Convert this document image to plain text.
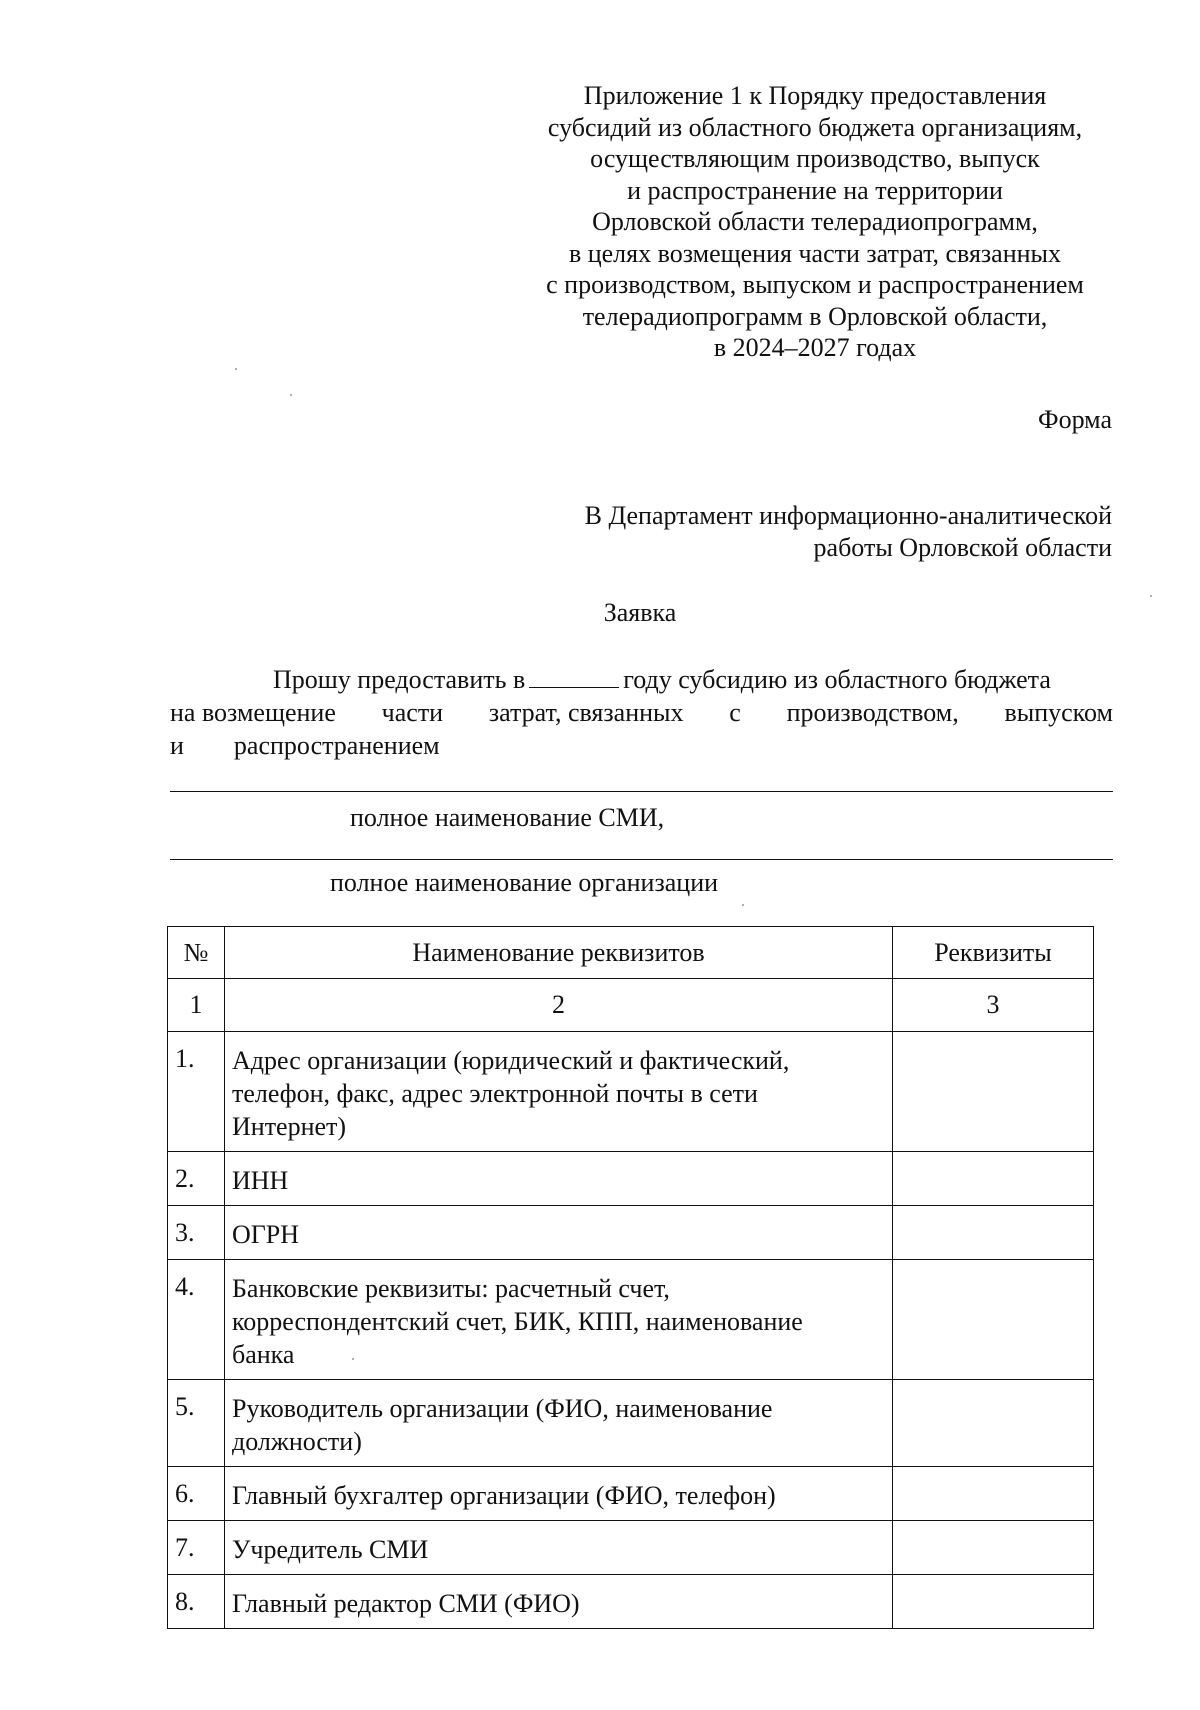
Приложение 1 к Порядку предоставления
субсидий из областного бюджета организациям,
осуществляющим производство, выпуск
и распространение на территории
Орловской области телерадиопрограмм,
в целях возмещения части затрат, связанных
с производством, выпуском и распространением
телерадиопрограмм в Орловской области,
в 2024–2027 годах
Форма
В Департамент информационно-аналитической
работы Орловской области
Заявка
Прошу предоставить в	году субсидию из областного бюджета
на возмещение части затрат, связанных с производством, выпуском
и распространением
полное наименование СМИ,
полное наименование организации
№	Наименование реквизитов	Реквизиты
1	2	3
1.	Адрес организации (юридический и фактический,
телефон, факс, адрес электронной почты в сети
Интернет)	

2.	ИНН	

3.	ОГРН	

4.	Банковские реквизиты: расчетный счет,
корреспондентский счет, БИК, КПП, наименование
банка	

5.	Руководитель организации (ФИО, наименование
должности)	

6.	Главный бухгалтер организации (ФИО, телефон)	

7.	Учредитель СМИ	

8.	Главный редактор СМИ (ФИО)	
